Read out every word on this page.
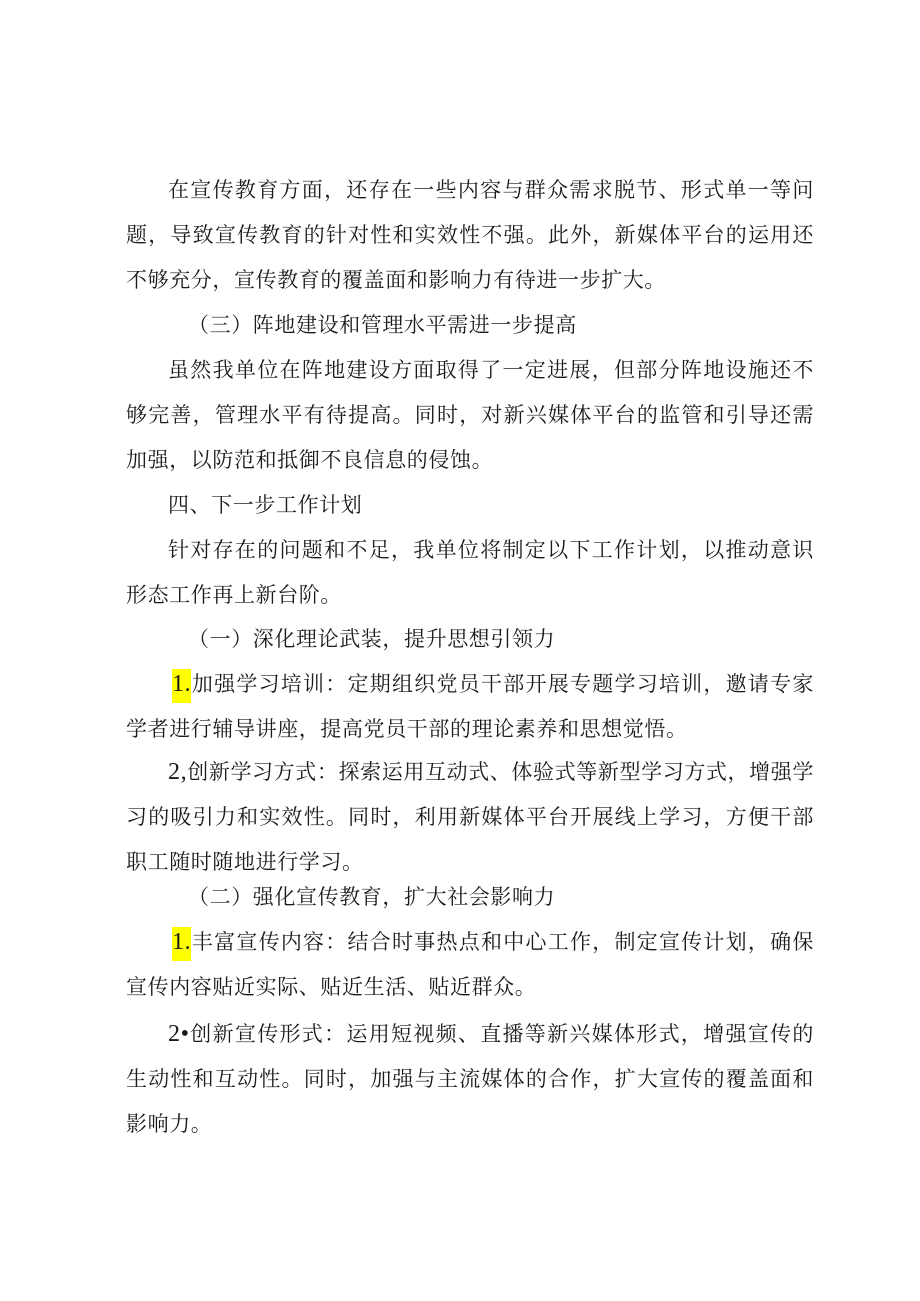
在宣传教育方面，还存在一些内容与群众需求脱节、形式单一等问题，导致宣传教育的针对性和实效性不强。此外，新媒体平台的运用还不够充分，宣传教育的覆盖面和影响力有待进一步扩大。

（三）阵地建设和管理水平需进一步提高

虽然我单位在阵地建设方面取得了一定进展，但部分阵地设施还不够完善，管理水平有待提高。同时，对新兴媒体平台的监管和引导还需加强，以防范和抵御不良信息的侵蚀。

四、下一步工作计划

针对存在的问题和不足，我单位将制定以下工作计划，以推动意识形态工作再上新台阶。

（一）深化理论武装，提升思想引领力

1.加强学习培训：定期组织党员干部开展专题学习培训，邀请专家学者进行辅导讲座，提高党员干部的理论素养和思想觉悟。

2,创新学习方式：探索运用互动式、体验式等新型学习方式，增强学习的吸引力和实效性。同时，利用新媒体平台开展线上学习，方便干部职工随时随地进行学习。

（二）强化宣传教育，扩大社会影响力

1.丰富宣传内容：结合时事热点和中心工作，制定宣传计划，确保宣传内容贴近实际、贴近生活、贴近群众。

2•创新宣传形式：运用短视频、直播等新兴媒体形式，增强宣传的生动性和互动性。同时，加强与主流媒体的合作，扩大宣传的覆盖面和影响力。
